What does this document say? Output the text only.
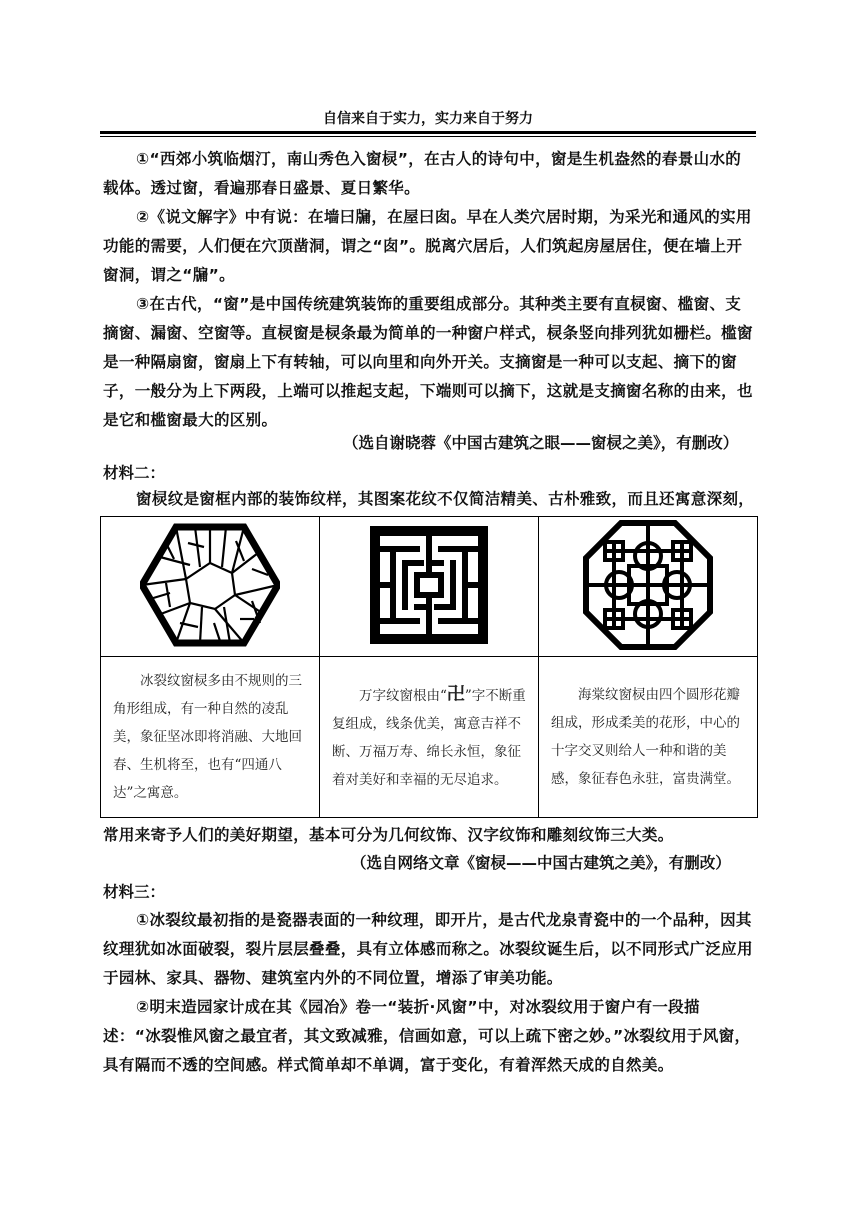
自信来自于实力，实力来自于努力

①“西郊小筑临烟汀，南山秀色入窗棂”，在古人的诗句中，窗是生机盎然的春景山水的载体。透过窗，看遍那春日盛景、夏日繁华。

②《说文解字》中有说：在墙曰牖，在屋曰囱。早在人类穴居时期，为采光和通风的实用功能的需要，人们便在穴顶凿洞，谓之“囱”。脱离穴居后，人们筑起房屋居住，便在墙上开窗洞，谓之“牖”。

③在古代，“窗”是中国传统建筑装饰的重要组成部分。其种类主要有直棂窗、槛窗、支摘窗、漏窗、空窗等。直棂窗是棂条最为简单的一种窗户样式，棂条竖向排列犹如栅栏。槛窗是一种隔扇窗，窗扇上下有转轴，可以向里和向外开关。支摘窗是一种可以支起、摘下的窗子，一般分为上下两段，上端可以推起支起，下端则可以摘下，这就是支摘窗名称的由来，也是它和槛窗最大的区别。

（选自谢晓蓉《中国古建筑之眼——窗棂之美》，有删改）

材料二：

窗棂纹是窗框内部的装饰纹样，其图案花纹不仅简洁精美、古朴雅致，而且还寓意深刻，

冰裂纹窗棂多由不规则的三角形组成，有一种自然的凌乱美，象征坚冰即将消融、大地回春、生机将至，也有“四通八达”之寓意。	万字纹窗根由“卍”字不断重复组成，线条优美，寓意吉祥不断、万福万寿、绵长永恒，象征着对美好和幸福的无尽追求。	海棠纹窗棂由四个圆形花瓣组成，形成柔美的花形，中心的十字交叉则给人一种和谐的美感，象征春色永驻，富贵满堂。

常用来寄予人们的美好期望，基本可分为几何纹饰、汉字纹饰和雕刻纹饰三大类。

（选自网络文章《窗棂——中国古建筑之美》，有删改）

材料三：

①冰裂纹最初指的是瓷器表面的一种纹理，即开片，是古代龙泉青瓷中的一个品种，因其纹理犹如冰面破裂，裂片层层叠叠，具有立体感而称之。冰裂纹诞生后，以不同形式广泛应用于园林、家具、器物、建筑室内外的不同位置，增添了审美功能。

②明末造园家计成在其《园冶》卷一“装折·风窗”中，对冰裂纹用于窗户有一段描述：“冰裂惟风窗之最宜者，其文致减雅，信画如意，可以上疏下密之妙。”冰裂纹用于风窗，具有隔而不透的空间感。样式简单却不单调，富于变化，有着浑然天成的自然美。
